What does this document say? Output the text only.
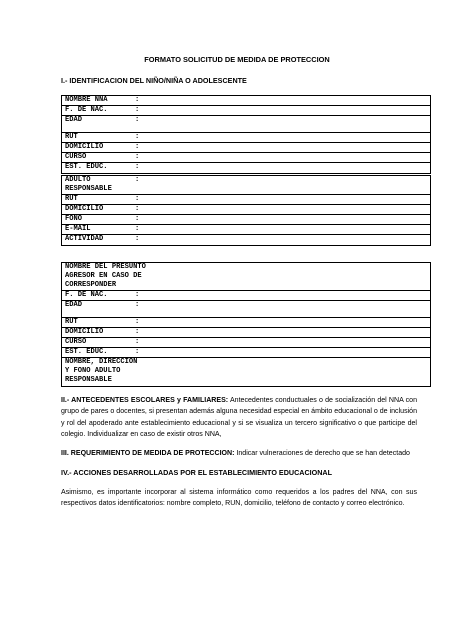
FORMATO SOLICITUD DE MEDIDA DE PROTECCION
I.- IDENTIFICACION DEL NIÑO/NIÑA O ADOLESCENTE
NOMBRE NNA	:
F. DE NAC.	:
EDAD	:
RUT	:
DOMICILIO	:
CURSO	:
EST. EDUC.	:
ADULTO
RESPONSABLE
:
RUT	:
DOMICILIO	:
FONO	:
E-MAIL	:
ACTIVIDAD	:
NOMBRE DEL PRESUNTO
AGRESOR EN CASO DE
CORRESPONDER
F. DE NAC.	:
EDAD	:
RUT	:
DOMICILIO	:
CURSO	:
EST. EDUC.	:
NOMBRE, DIRECCION
Y FONO ADULTO
RESPONSABLE
II.- ANTECEDENTES ESCOLARES y FAMILIARES: Antecedentes conductuales o de socialización del NNA con grupo de pares o docentes, si presentan además alguna necesidad especial en ámbito educacional o de inclusión y rol del apoderado ante establecimiento educacional y si se visualiza un tercero significativo o que participe del colegio. Individualizar en caso de existir otros NNA,
III. REQUERIMIENTO DE MEDIDA DE PROTECCION: Indicar vulneraciones de derecho que se han detectado
IV.- ACCIONES DESARROLLADAS POR EL ESTABLECIMIENTO EDUCACIONAL
Asimismo, es importante incorporar al sistema informático como requeridos a los padres del NNA, con sus respectivos datos identificatorios: nombre completo, RUN, domicilio, teléfono de contacto y correo electrónico.
